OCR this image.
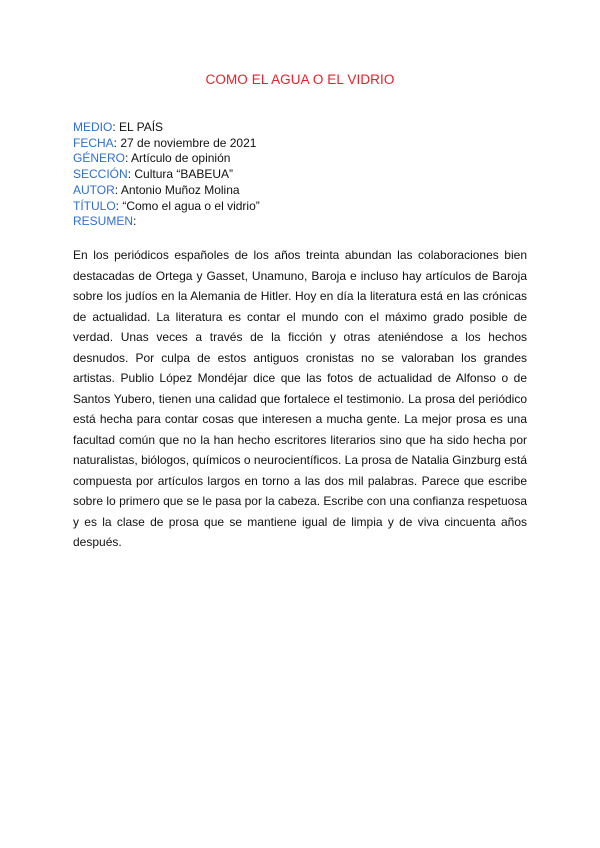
COMO EL AGUA O EL VIDRIO
MEDIO: EL PAÍS
FECHA: 27 de noviembre de 2021
GÉNERO: Artículo de opinión
SECCIÓN: Cultura “BABEUA”
AUTOR: Antonio Muñoz Molina
TÍTULO: “Como el agua o el vidrio”
RESUMEN:

En los periódicos españoles de los años treinta abundan las colaboraciones bien destacadas de Ortega y Gasset, Unamuno, Baroja e incluso hay artículos de Baroja sobre los judíos en la Alemania de Hitler. Hoy en día la literatura está en las crónicas de actualidad. La literatura es contar el mundo con el máximo grado posible de verdad. Unas veces a través de la ficción y otras ateniéndose a los hechos desnudos. Por culpa de estos antiguos cronistas no se valoraban los grandes artistas. Publio López Mondéjar dice que las fotos de actualidad de Alfonso o de Santos Yubero, tienen una calidad que fortalece el testimonio. La prosa del periódico está hecha para contar cosas que interesen a mucha gente. La mejor prosa es una facultad común que no la han hecho escritores literarios sino que ha sido hecha por naturalistas, biólogos, químicos o neurocientíficos. La prosa de Natalia Ginzburg está compuesta por artículos largos en torno a las dos mil palabras. Parece que escribe sobre lo primero que se le pasa por la cabeza. Escribe con una confianza respetuosa y es la clase de prosa que se mantiene igual de limpia y de viva cincuenta años después.
